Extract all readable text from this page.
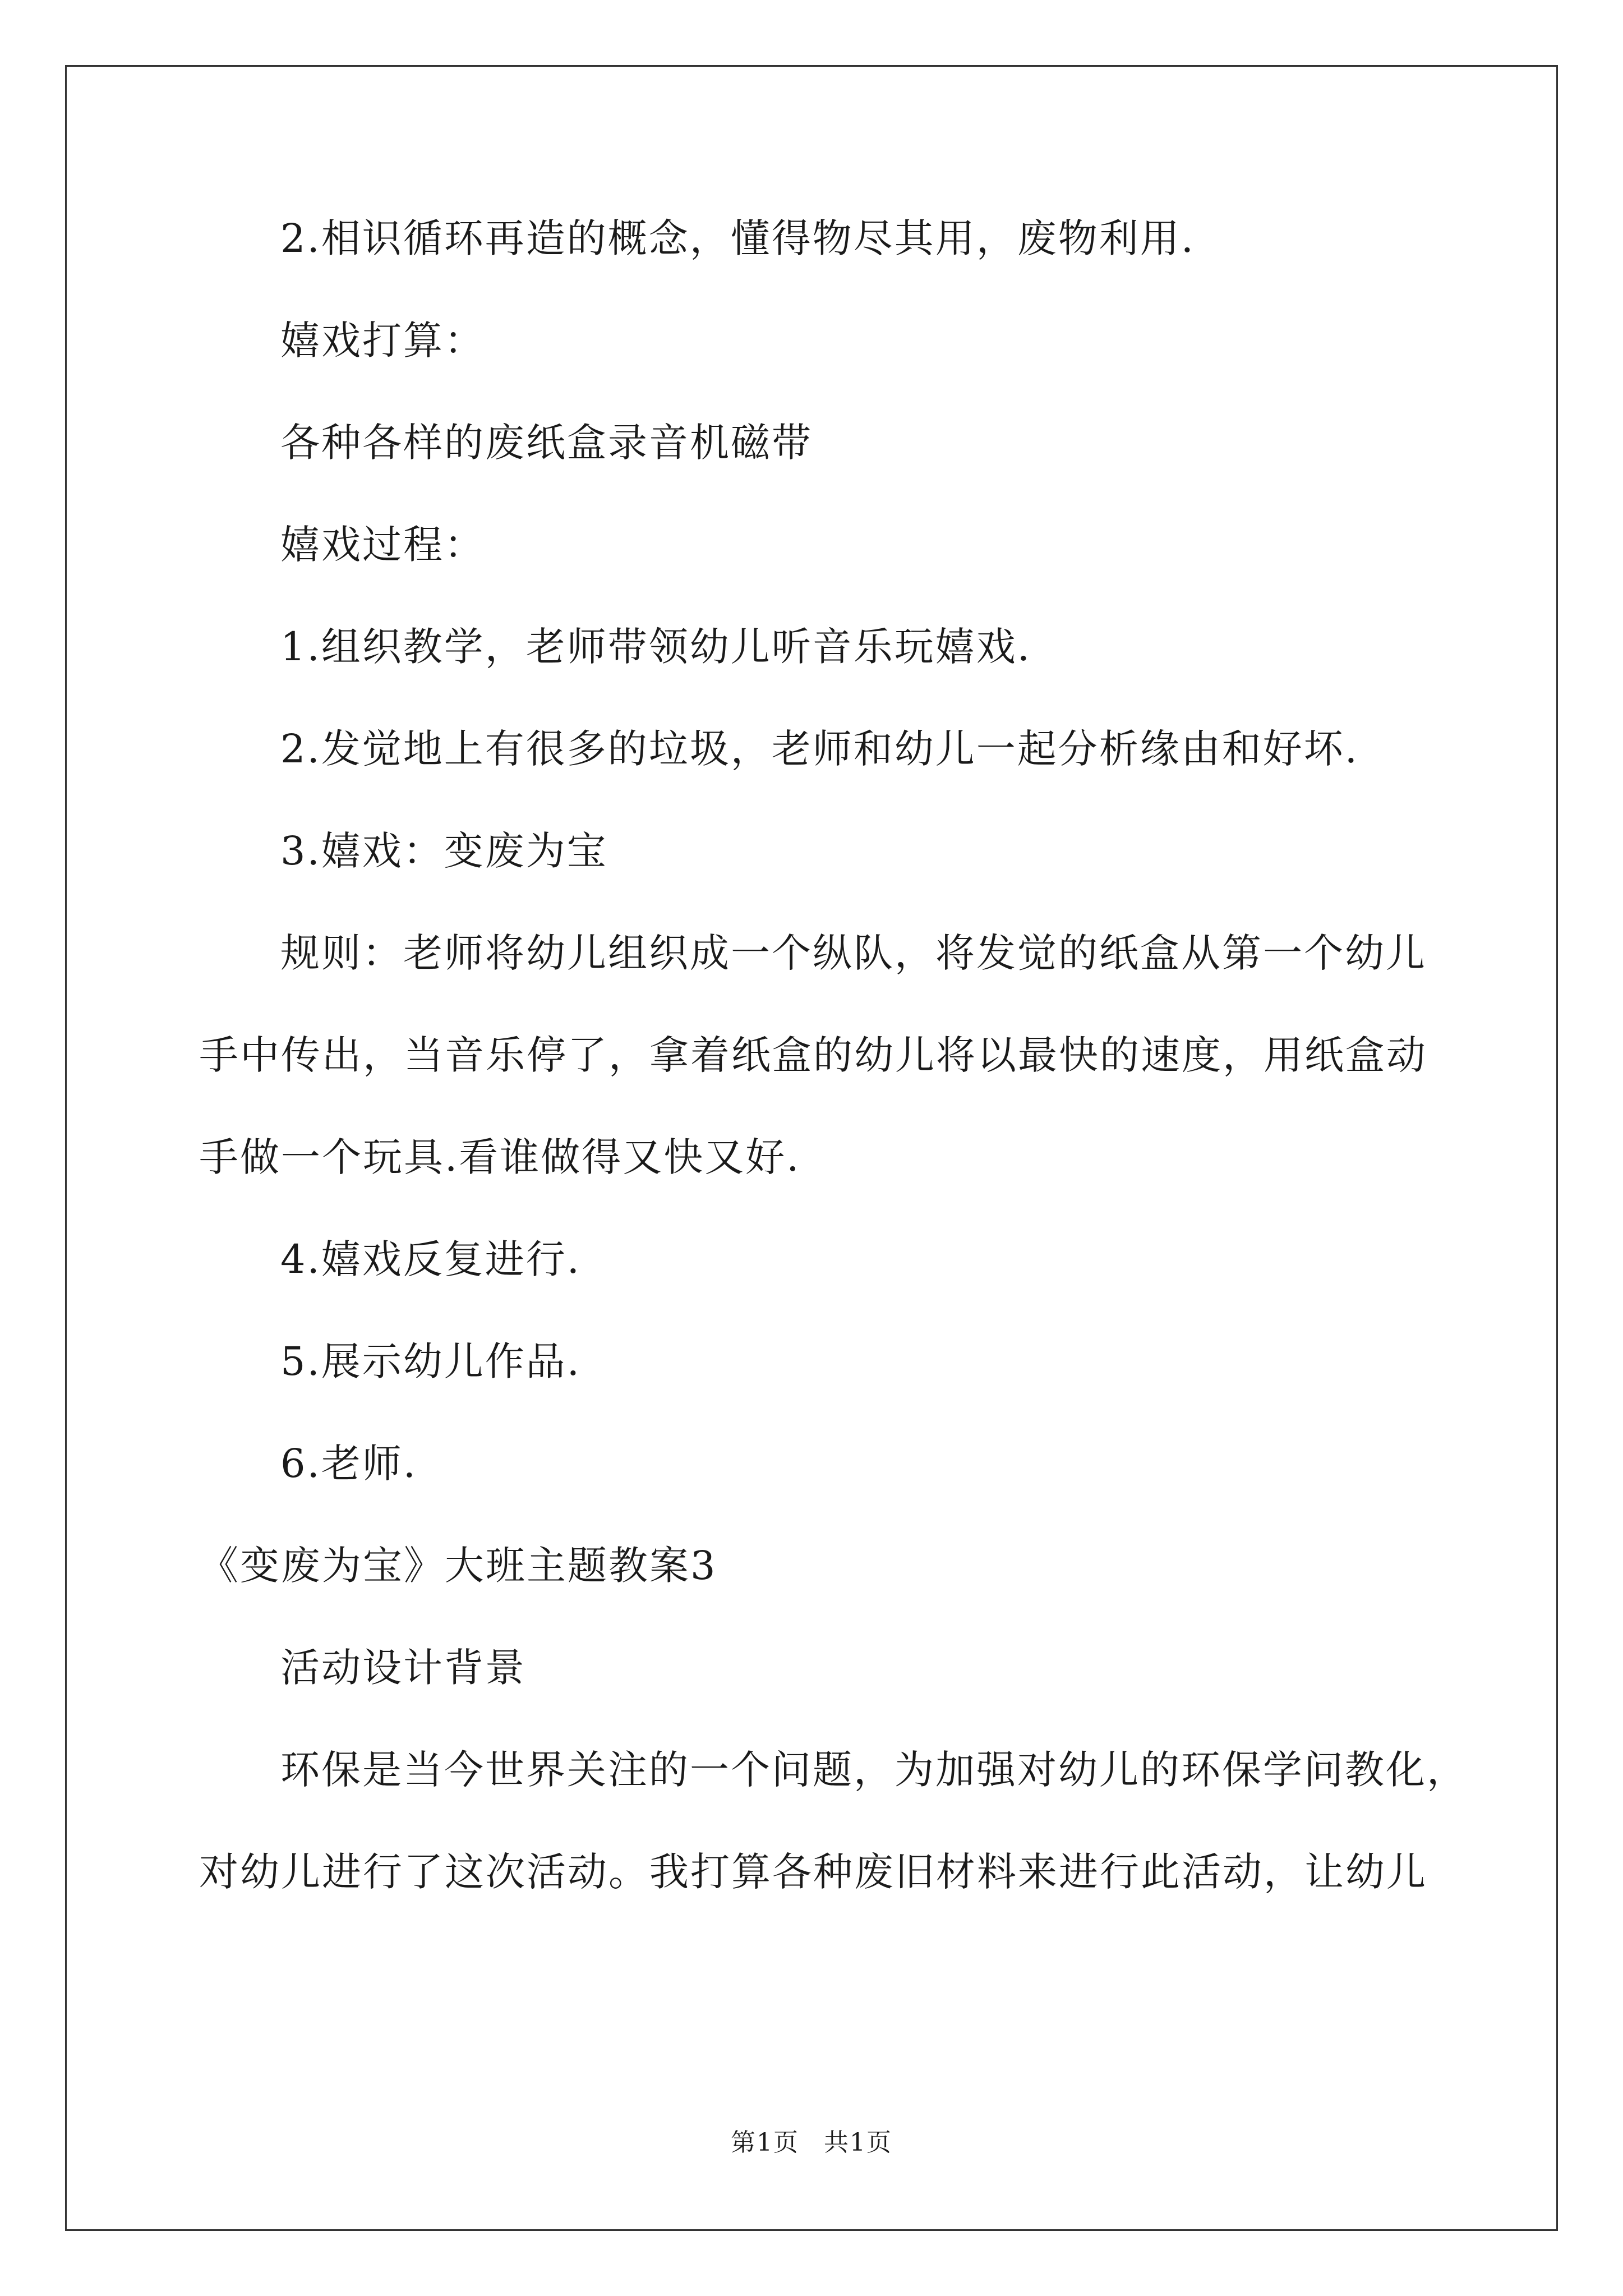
2.相识循环再造的概念，懂得物尽其用，废物利用.
嬉戏打算：
各种各样的废纸盒录音机磁带
嬉戏过程：
1.组织教学，老师带领幼儿听音乐玩嬉戏.
2.发觉地上有很多的垃圾，老师和幼儿一起分析缘由和好坏.
3.嬉戏：变废为宝
规则：老师将幼儿组织成一个纵队，将发觉的纸盒从第一个幼儿
手中传出，当音乐停了，拿着纸盒的幼儿将以最快的速度，用纸盒动
手做一个玩具.看谁做得又快又好.
4.嬉戏反复进行.
5.展示幼儿作品.
6.老师.
《变废为宝》大班主题教案3
活动设计背景
环保是当今世界关注的一个问题，为加强对幼儿的环保学问教化，
对幼儿进行了这次活动。我打算各种废旧材料来进行此活动，让幼儿
第1页 共1页
